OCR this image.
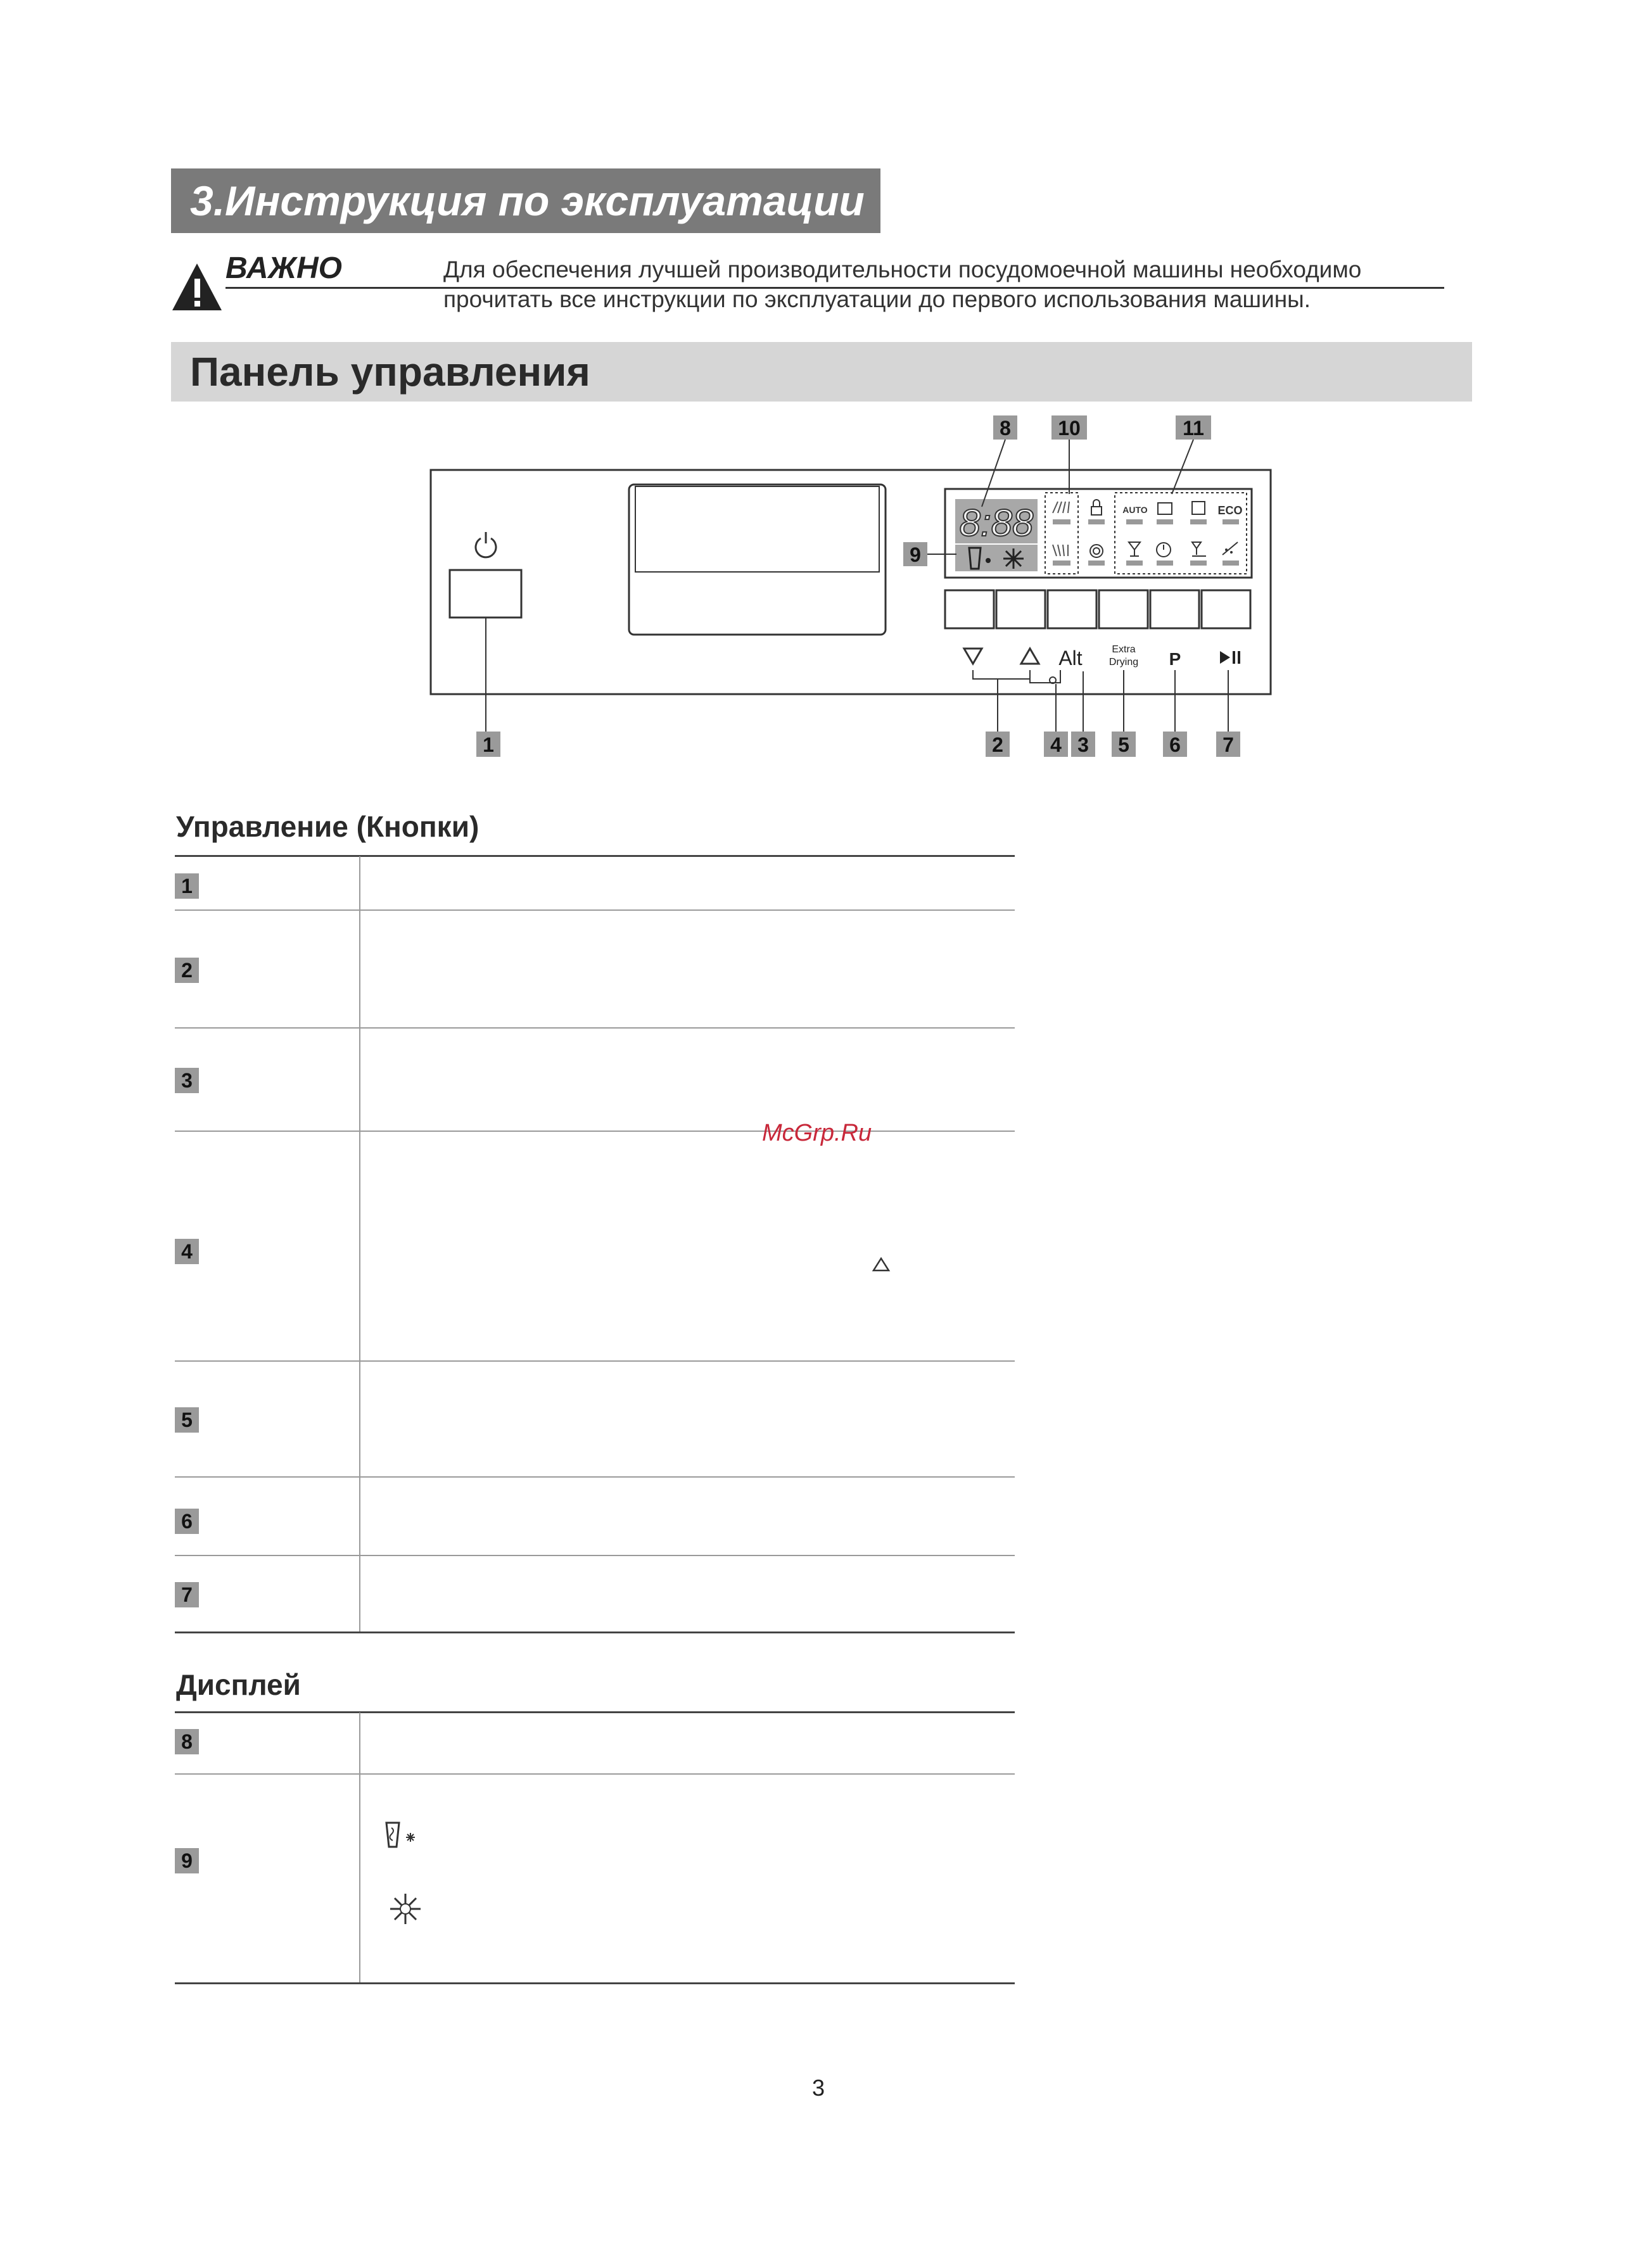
3.Инструкция по эксплуатации
ВАЖНО	Для обеспечения лучшей производительности посудомоечной машины необходимо
прочитать все инструкции по эксплуатации до первого использования машины.
Панель управления
8:88	AUTO	ECO
8 10	11
9
Alt	Extra
Drying P
1	2 4 3 5 6 7
Управление (Кнопки)
1
2
3
4
5
6
7
Дисплей
8
9
McGrp.Ru
3
